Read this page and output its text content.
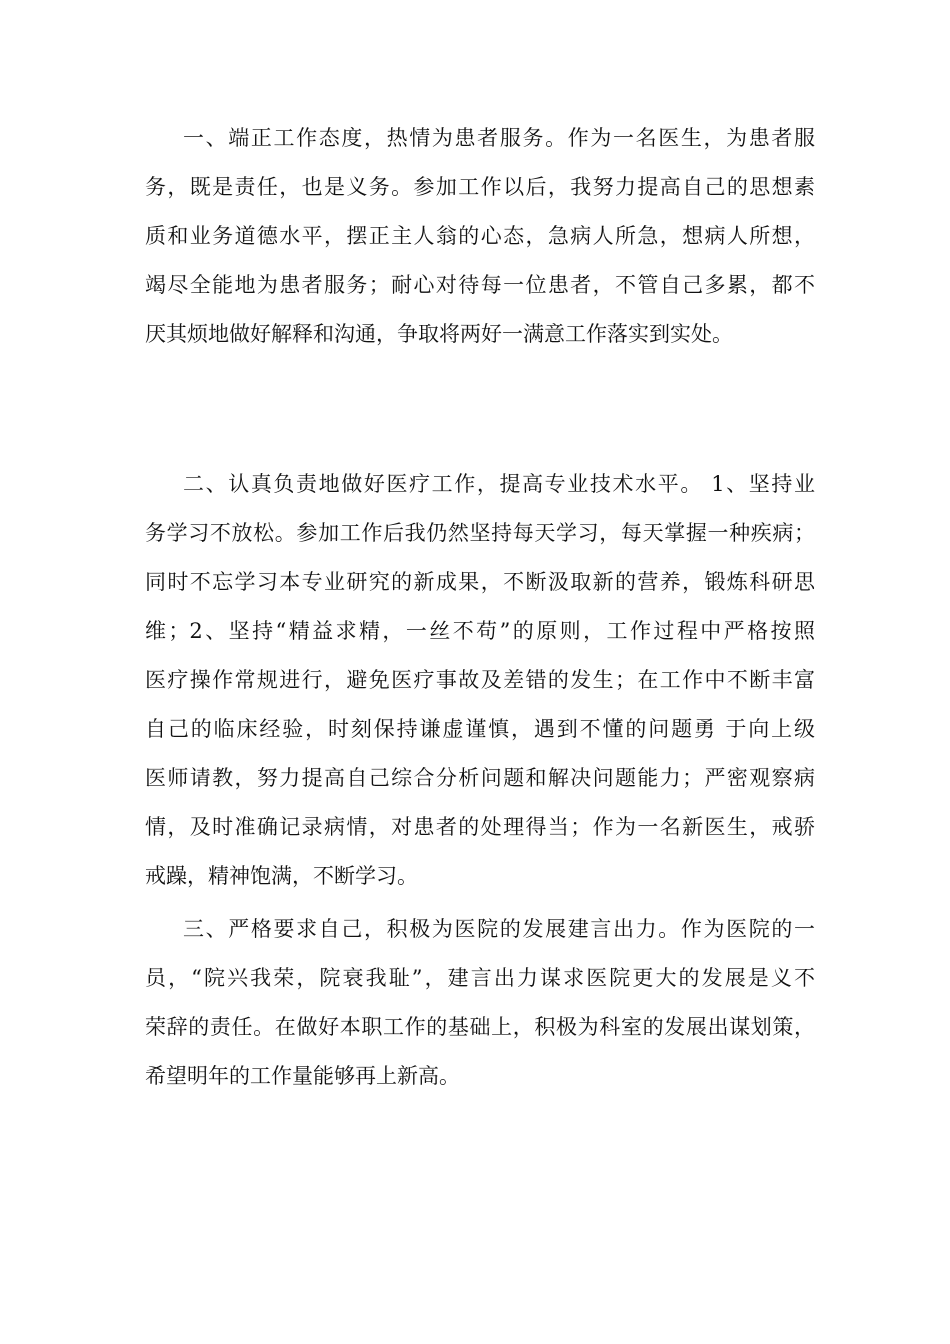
一、端正工作态度，热情为患者服务。作为一名医生，为患者服
务，既是责任，也是义务。参加工作以后，我努力提高自己的思想素
质和业务道德水平，摆正主人翁的心态，急病人所急，想病人所想，
竭尽全能地为患者服务；耐心对待每一位患者，不管自己多累，都不
厌其烦地做好解释和沟通，争取将两好一满意工作落实到实处。
二、认真负责地做好医疗工作，提高专业技术水平。 1、坚持业
务学习不放松。参加工作后我仍然坚持每天学习，每天掌握一种疾病；
同时不忘学习本专业研究的新成果，不断汲取新的营养，锻炼科研思
维；2、坚持“精益求精，一丝不苟”的原则，工作过程中严格按照
医疗操作常规进行，避免医疗事故及差错的发生；在工作中不断丰富
自己的临床经验，时刻保持谦虚谨慎，遇到不懂的问题勇 于向上级
医师请教，努力提高自己综合分析问题和解决问题能力；严密观察病
情，及时准确记录病情，对患者的处理得当；作为一名新医生，戒骄
戒躁，精神饱满，不断学习。
三、严格要求自己，积极为医院的发展建言出力。作为医院的一
员，“院兴我荣，院衰我耻”，建言出力谋求医院更大的发展是义不
荣辞的责任。在做好本职工作的基础上，积极为科室的发展出谋划策，
希望明年的工作量能够再上新高。
